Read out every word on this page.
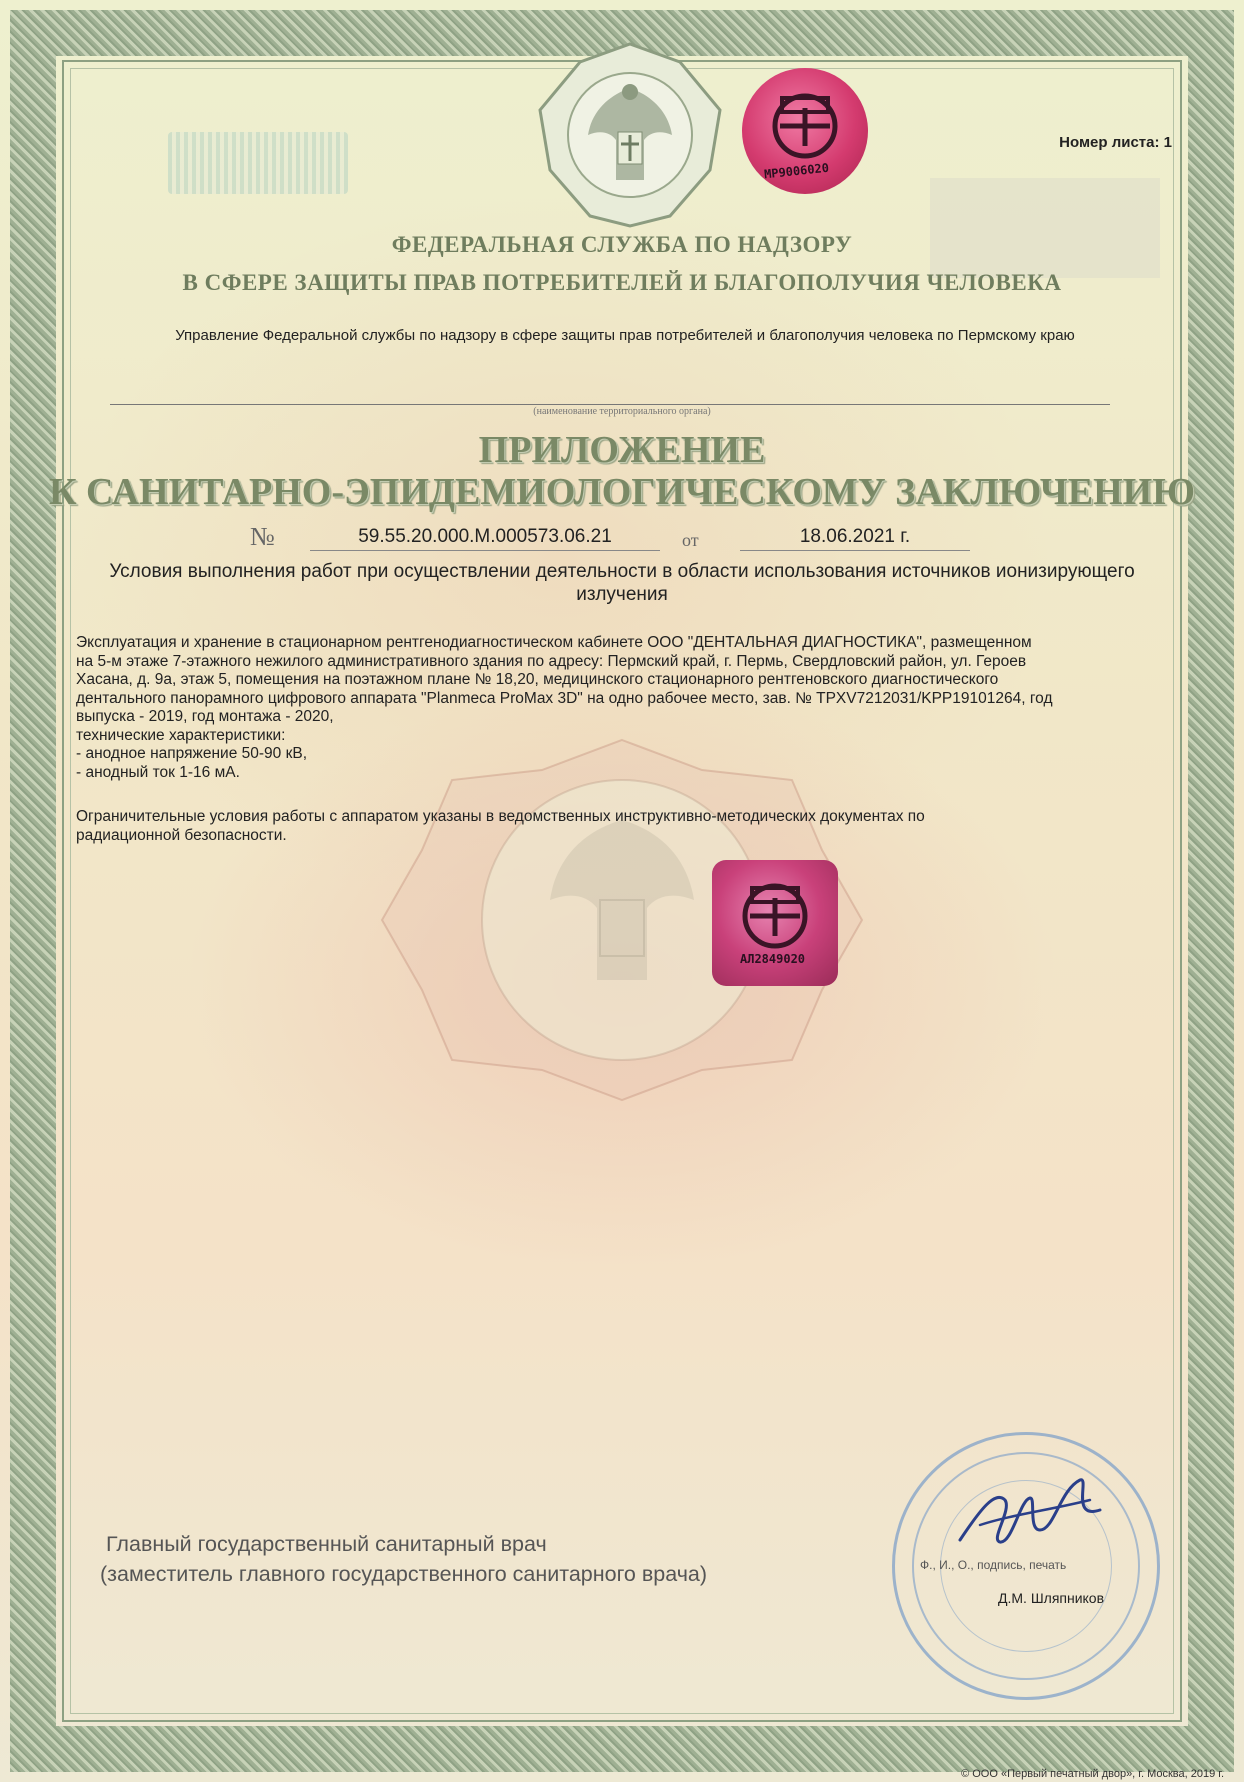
МР9006020
Номер листа: 1
ФЕДЕРАЛЬНАЯ СЛУЖБА ПО НАДЗОРУ
В СФЕРЕ ЗАЩИТЫ ПРАВ ПОТРЕБИТЕЛЕЙ И БЛАГОПОЛУЧИЯ ЧЕЛОВЕКА
Управление Федеральной службы по надзору в сфере защиты прав потребителей и благополучия человека по Пермскому краю
(наименование территориального органа)
ПРИЛОЖЕНИЕ
К САНИТАРНО-ЭПИДЕМИОЛОГИЧЕСКОМУ ЗАКЛЮЧЕНИЮ
№	59.55.20.000.М.000573.06.21	от	18.06.2021 г.
Условия выполнения работ при осуществлении деятельности в области использования источников ионизирующего излучения
АЛ2849020
Эксплуатация и хранение в стационарном рентгенодиагностическом кабинете ООО "ДЕНТАЛЬНАЯ ДИАГНОСТИКА", размещенном
на 5-м этаже 7-этажного нежилого административного здания по адресу: Пермский край, г. Пермь, Свердловский район, ул. Героев
Хасана, д. 9а, этаж 5, помещения на поэтажном плане № 18,20, медицинского стационарного рентгеновского диагностического
дентального панорамного цифрового аппарата "Planmeca ProMax 3D" на одно рабочее место, зав. № TPXV7212031/KPP19101264, год
выпуска - 2019, год монтажа - 2020,
технические характеристики:
- анодное напряжение 50-90 кВ,
- анодный ток 1-16 мА.
Ограничительные условия работы с аппаратом указаны в ведомственных инструктивно-методических документах по
радиационной безопасности.
Главный государственный санитарный врач
(заместитель главного государственного санитарного врача)	Ф., И., О., подпись, печать
Д.М. Шляпников
© ООО «Первый печатный двор», г. Москва, 2019 г.
